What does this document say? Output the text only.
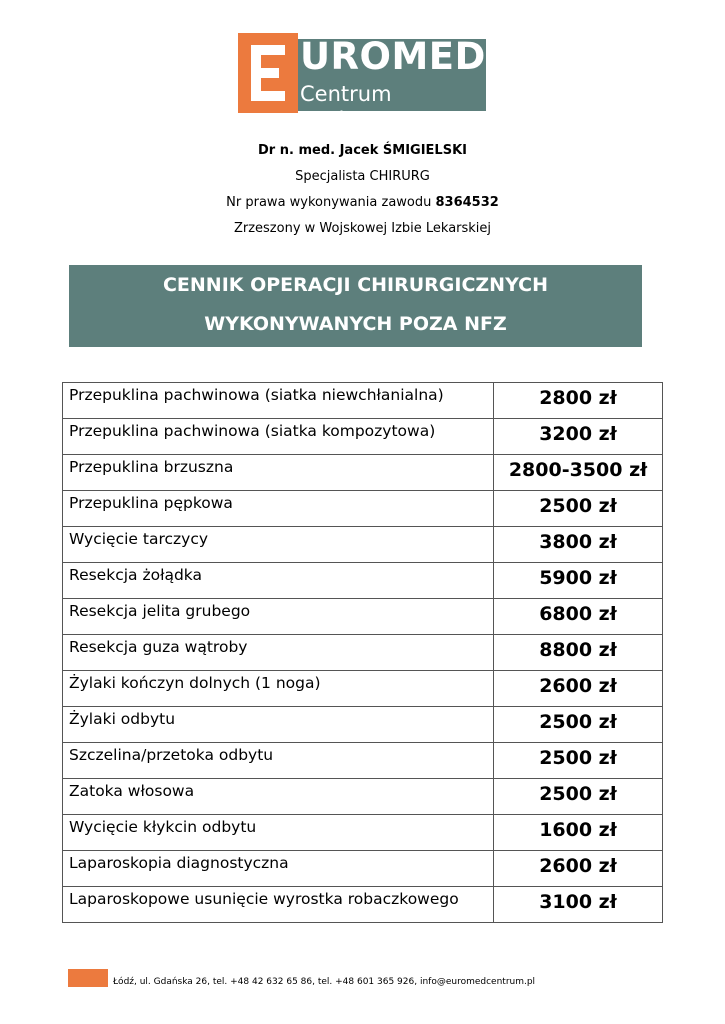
UROMED
Centrum Medyczne
Dr n. med. Jacek ŚMIGIELSKI
Specjalista CHIRURG
Nr prawa wykonywania zawodu 8364532
Zrzeszony w Wojskowej Izbie Lekarskiej
CENNIK OPERACJI CHIRURGICZNYCH
WYKONYWANYCH POZA NFZ
Przepuklina pachwinowa (siatka niewchłanialna)	2800 zł
Przepuklina pachwinowa (siatka kompozytowa)	3200 zł
Przepuklina brzuszna	2800-3500 zł
Przepuklina pępkowa	2500 zł
Wycięcie tarczycy	3800 zł
Resekcja żołądka	5900 zł
Resekcja jelita grubego	6800 zł
Resekcja guza wątroby	8800 zł
Żylaki kończyn dolnych (1 noga)	2600 zł
Żylaki odbytu	2500 zł
Szczelina/przetoka odbytu	2500 zł
Zatoka włosowa	2500 zł
Wycięcie kłykcin odbytu	1600 zł
Laparoskopia diagnostyczna	2600 zł
Laparoskopowe usunięcie wyrostka robaczkowego	3100 zł
Łódź, ul. Gdańska 26, tel. +48 42 632 65 86, tel. +48 601 365 926, info@euromedcentrum.pl
